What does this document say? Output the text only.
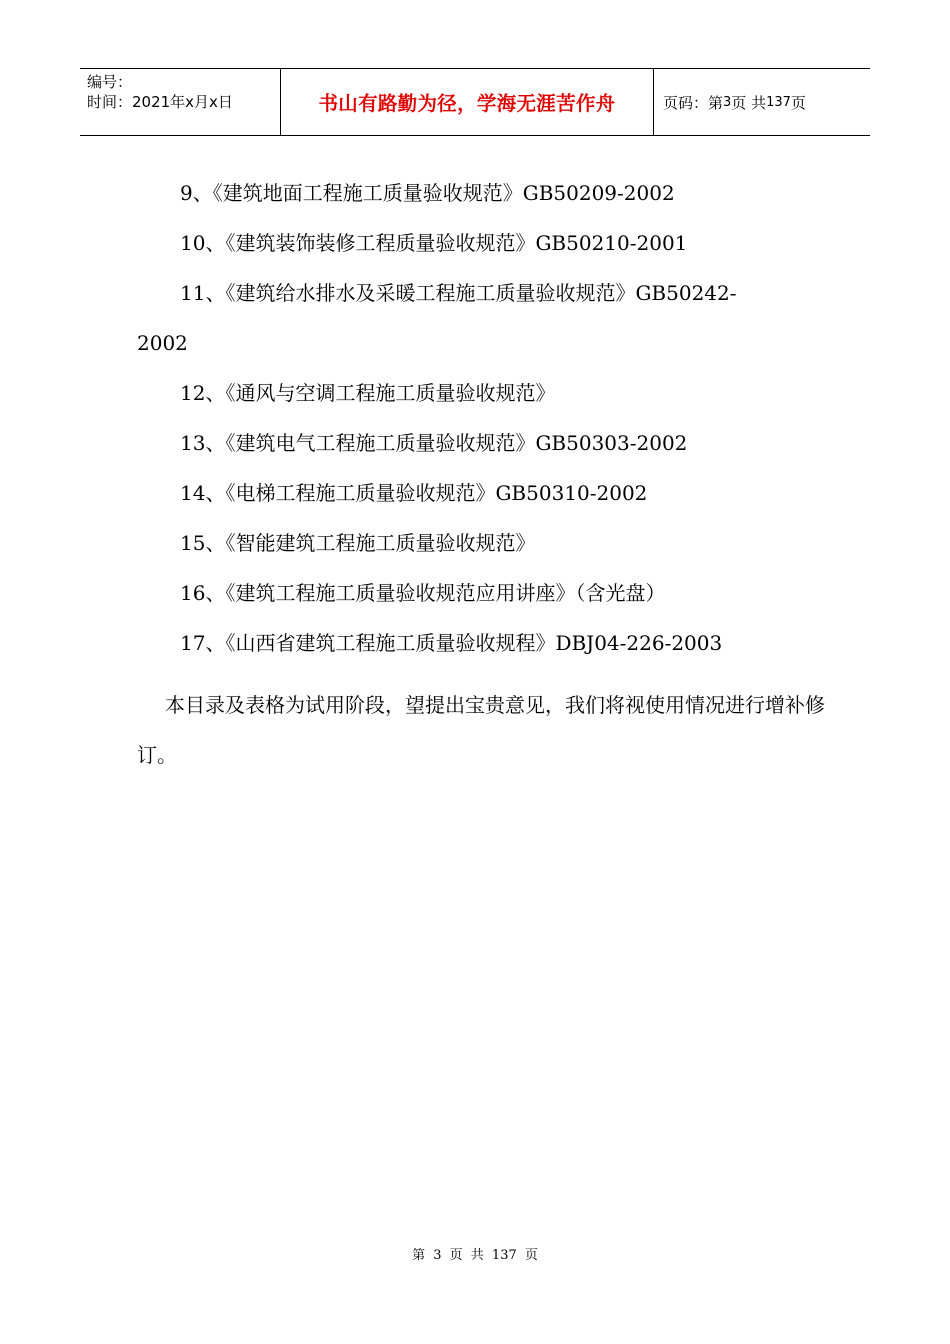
编号：
时间：2021年x月x日	书山有路勤为径，学海无涯苦作舟	页码：第 3 页 共 137 页
9、《建筑地面工程施工质量验收规范》GB50209-2002
10、《建筑装饰装修工程质量验收规范》GB50210-2001
11、《建筑给水排水及采暖工程施工质量验收规范》GB50242-
2002
12、《通风与空调工程施工质量验收规范》
13、《建筑电气工程施工质量验收规范》GB50303-2002
14、《电梯工程施工质量验收规范》GB50310-2002
15、《智能建筑工程施工质量验收规范》
16、《建筑工程施工质量验收规范应用讲座》（含光盘）
17、《山西省建筑工程施工质量验收规程》DBJ04-226-2003
本目录及表格为试用阶段，望提出宝贵意见，我们将视使用情况进行增补修订。
第 3 页 共 137 页
